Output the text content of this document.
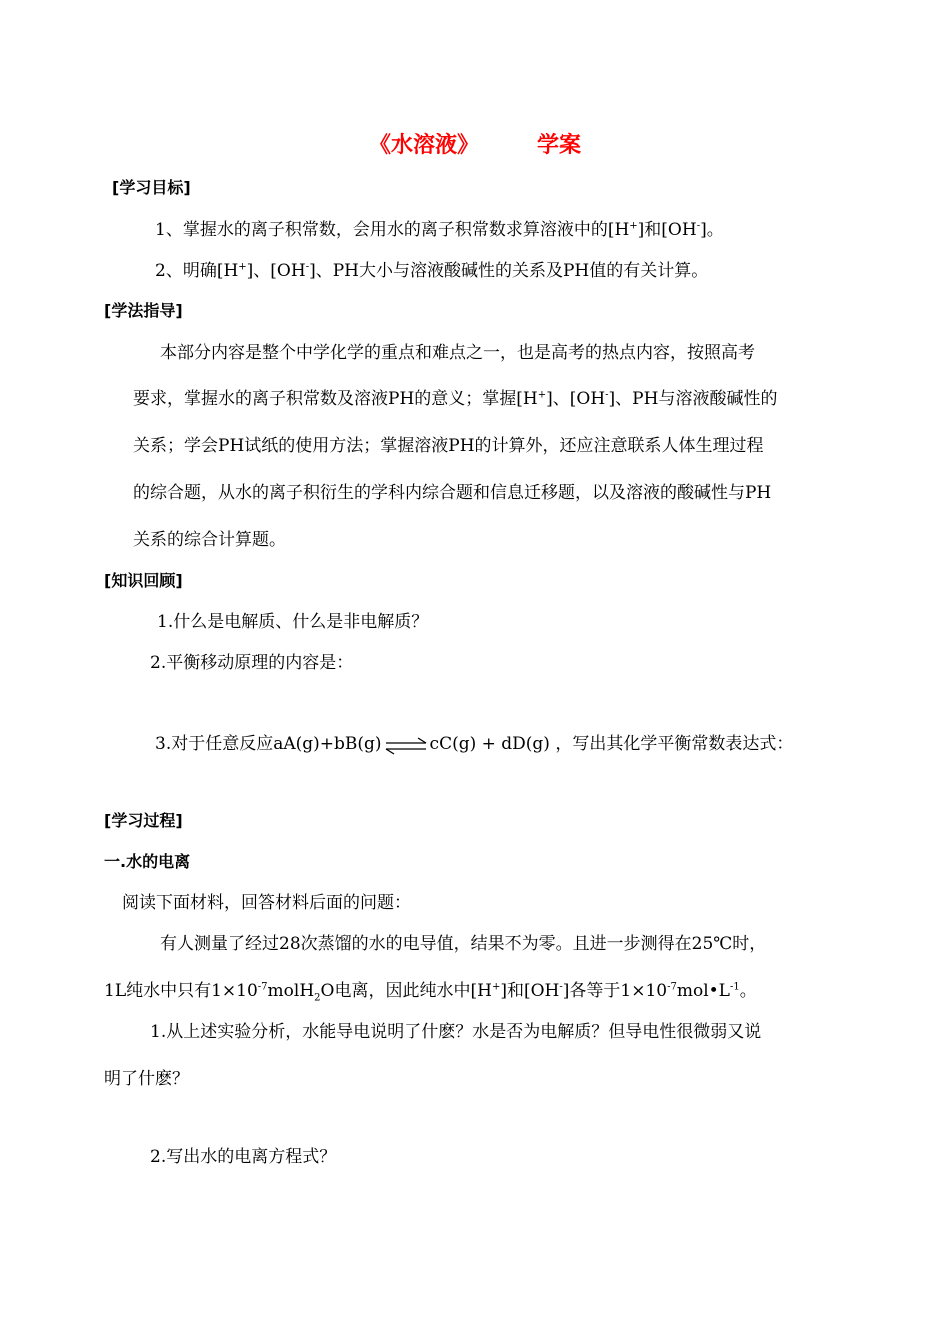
《水溶液》	学案
[学习目标]
1、掌握水的离子积常数，会用水的离子积常数求算溶液中的[H+]和[OH-]。
2、明确[H+]、[OH-]、PH大小与溶液酸碱性的关系及PH值的有关计算。
[学法指导]
本部分内容是整个中学化学的重点和难点之一，也是高考的热点内容，按照高考
要求，掌握水的离子积常数及溶液PH的意义；掌握[H+]、[OH-]、PH与溶液酸碱性的
关系；学会PH试纸的使用方法；掌握溶液PH的计算外，还应注意联系人体生理过程
的综合题，从水的离子积衍生的学科内综合题和信息迁移题，以及溶液的酸碱性与PH
关系的综合计算题。
[知识回顾]
1.什么是电解质、什么是非电解质？
2.平衡移动原理的内容是：
3.对于任意反应aA(g)+bB(g) ⇌ cC(g) + dD(g) ，写出其化学平衡常数表达式：
[学习过程]
一.水的电离
阅读下面材料，回答材料后面的问题：
有人测量了经过28次蒸馏的水的电导值，结果不为零。且进一步测得在25℃时，
1L纯水中只有$1\times 10^{-7}molH_2O$电离，因此纯水中[H+]和[OH-]各等于$1\times 10^{-7}mol•L^{-1}$。
1.从上述实验分析，水能导电说明了什麽？水是否为电解质？但导电性很微弱又说
明了什麽？
2.写出水的电离方程式？
